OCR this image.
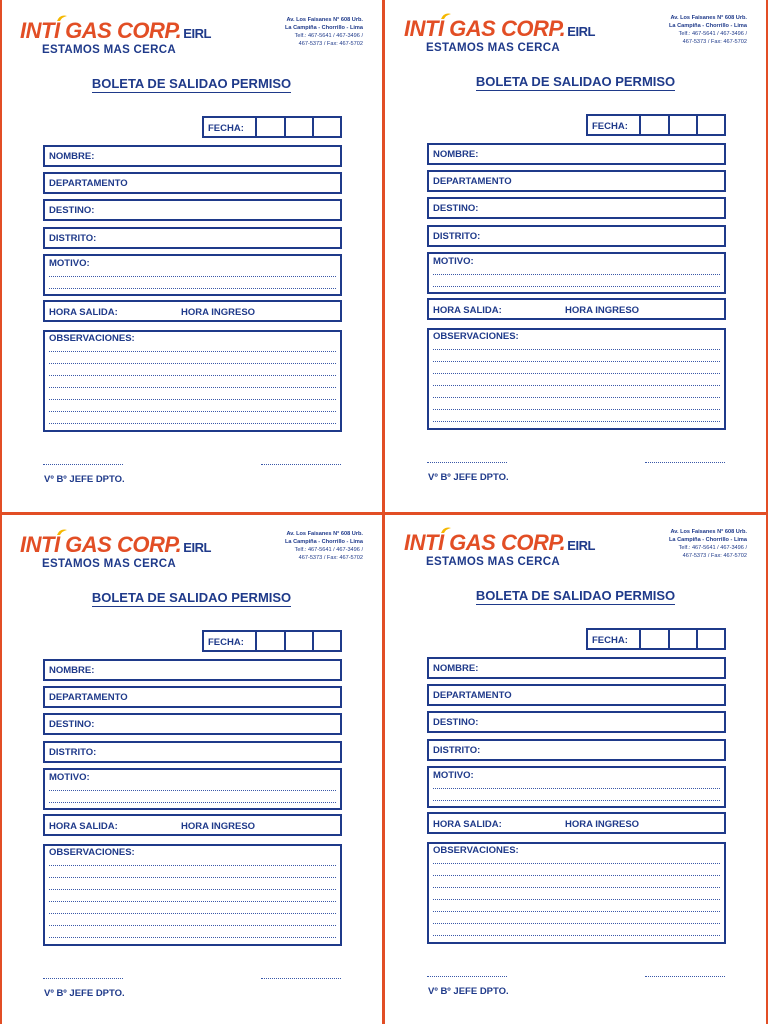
INTI GAS CORP. EIRL
ESTAMOS MAS CERCA
Av. Los Faisanes N° 608 Urb.
La Campiña - Chorrillo - Lima
Telf.: 467-5641 / 467-3496 /
467-5373 / Fax: 467-5702
BOLETA DE SALIDAO PERMISO
FECHA:
NOMBRE:
DEPARTAMENTO
DESTINO:
DISTRITO:
MOTIVO:
HORA SALIDA:	HORA INGRESO
OBSERVACIONES:
Vº Bº JEFE DPTO.
INTI GAS CORP. EIRL
ESTAMOS MAS CERCA
Av. Los Faisanes N° 608 Urb.
La Campiña - Chorrillo - Lima
Telf.: 467-5641 / 467-3496 /
467-5373 / Fax: 467-5702
BOLETA DE SALIDAO PERMISO
FECHA:
NOMBRE:
DEPARTAMENTO
DESTINO:
DISTRITO:
MOTIVO:
HORA SALIDA:	HORA INGRESO
OBSERVACIONES:
Vº Bº JEFE DPTO.
INTI GAS CORP. EIRL
ESTAMOS MAS CERCA
Av. Los Faisanes N° 608 Urb.
La Campiña - Chorrillo - Lima
Telf.: 467-5641 / 467-3496 /
467-5373 / Fax: 467-5702
BOLETA DE SALIDAO PERMISO
FECHA:
NOMBRE:
DEPARTAMENTO
DESTINO:
DISTRITO:
MOTIVO:
HORA SALIDA:	HORA INGRESO
OBSERVACIONES:
Vº Bº JEFE DPTO.
INTI GAS CORP. EIRL
ESTAMOS MAS CERCA
Av. Los Faisanes N° 608 Urb.
La Campiña - Chorrillo - Lima
Telf.: 467-5641 / 467-3496 /
467-5373 / Fax: 467-5702
BOLETA DE SALIDAO PERMISO
FECHA:
NOMBRE:
DEPARTAMENTO
DESTINO:
DISTRITO:
MOTIVO:
HORA SALIDA:	HORA INGRESO
OBSERVACIONES:
Vº Bº JEFE DPTO.
